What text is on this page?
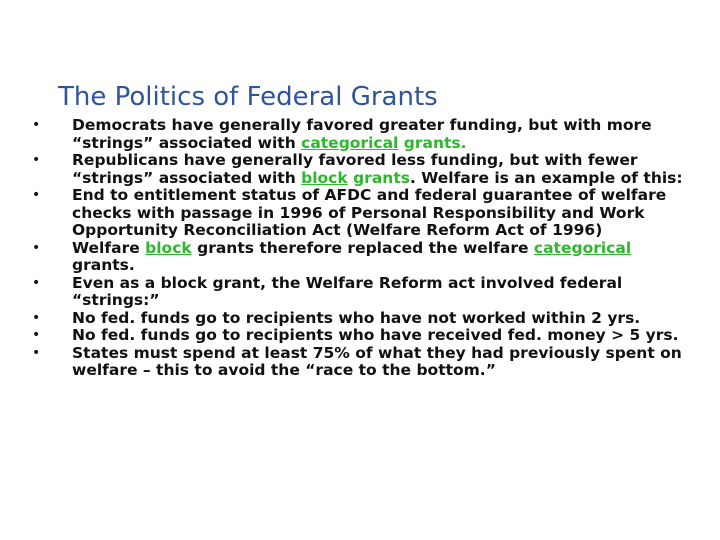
The Politics of Federal Grants
• Democrats have generally favored greater funding, but with more “strings” associated with categorical grants.
• Republicans have generally favored less funding, but with fewer “strings” associated with block grants. Welfare is an example of this:
• End to entitlement status of AFDC and federal guarantee of welfare checks with passage in 1996 of Personal Responsibility and Work Opportunity Reconciliation Act (Welfare Reform Act of 1996)
• Welfare block grants therefore replaced the welfare categorical grants.
• Even as a block grant, the Welfare Reform act involved federal “strings:”
• No fed. funds go to recipients who have not worked within 2 yrs.
• No fed. funds go to recipients who have received fed. money > 5 yrs.
• States must spend at least 75% of what they had previously spent on welfare – this to avoid the “race to the bottom.”
